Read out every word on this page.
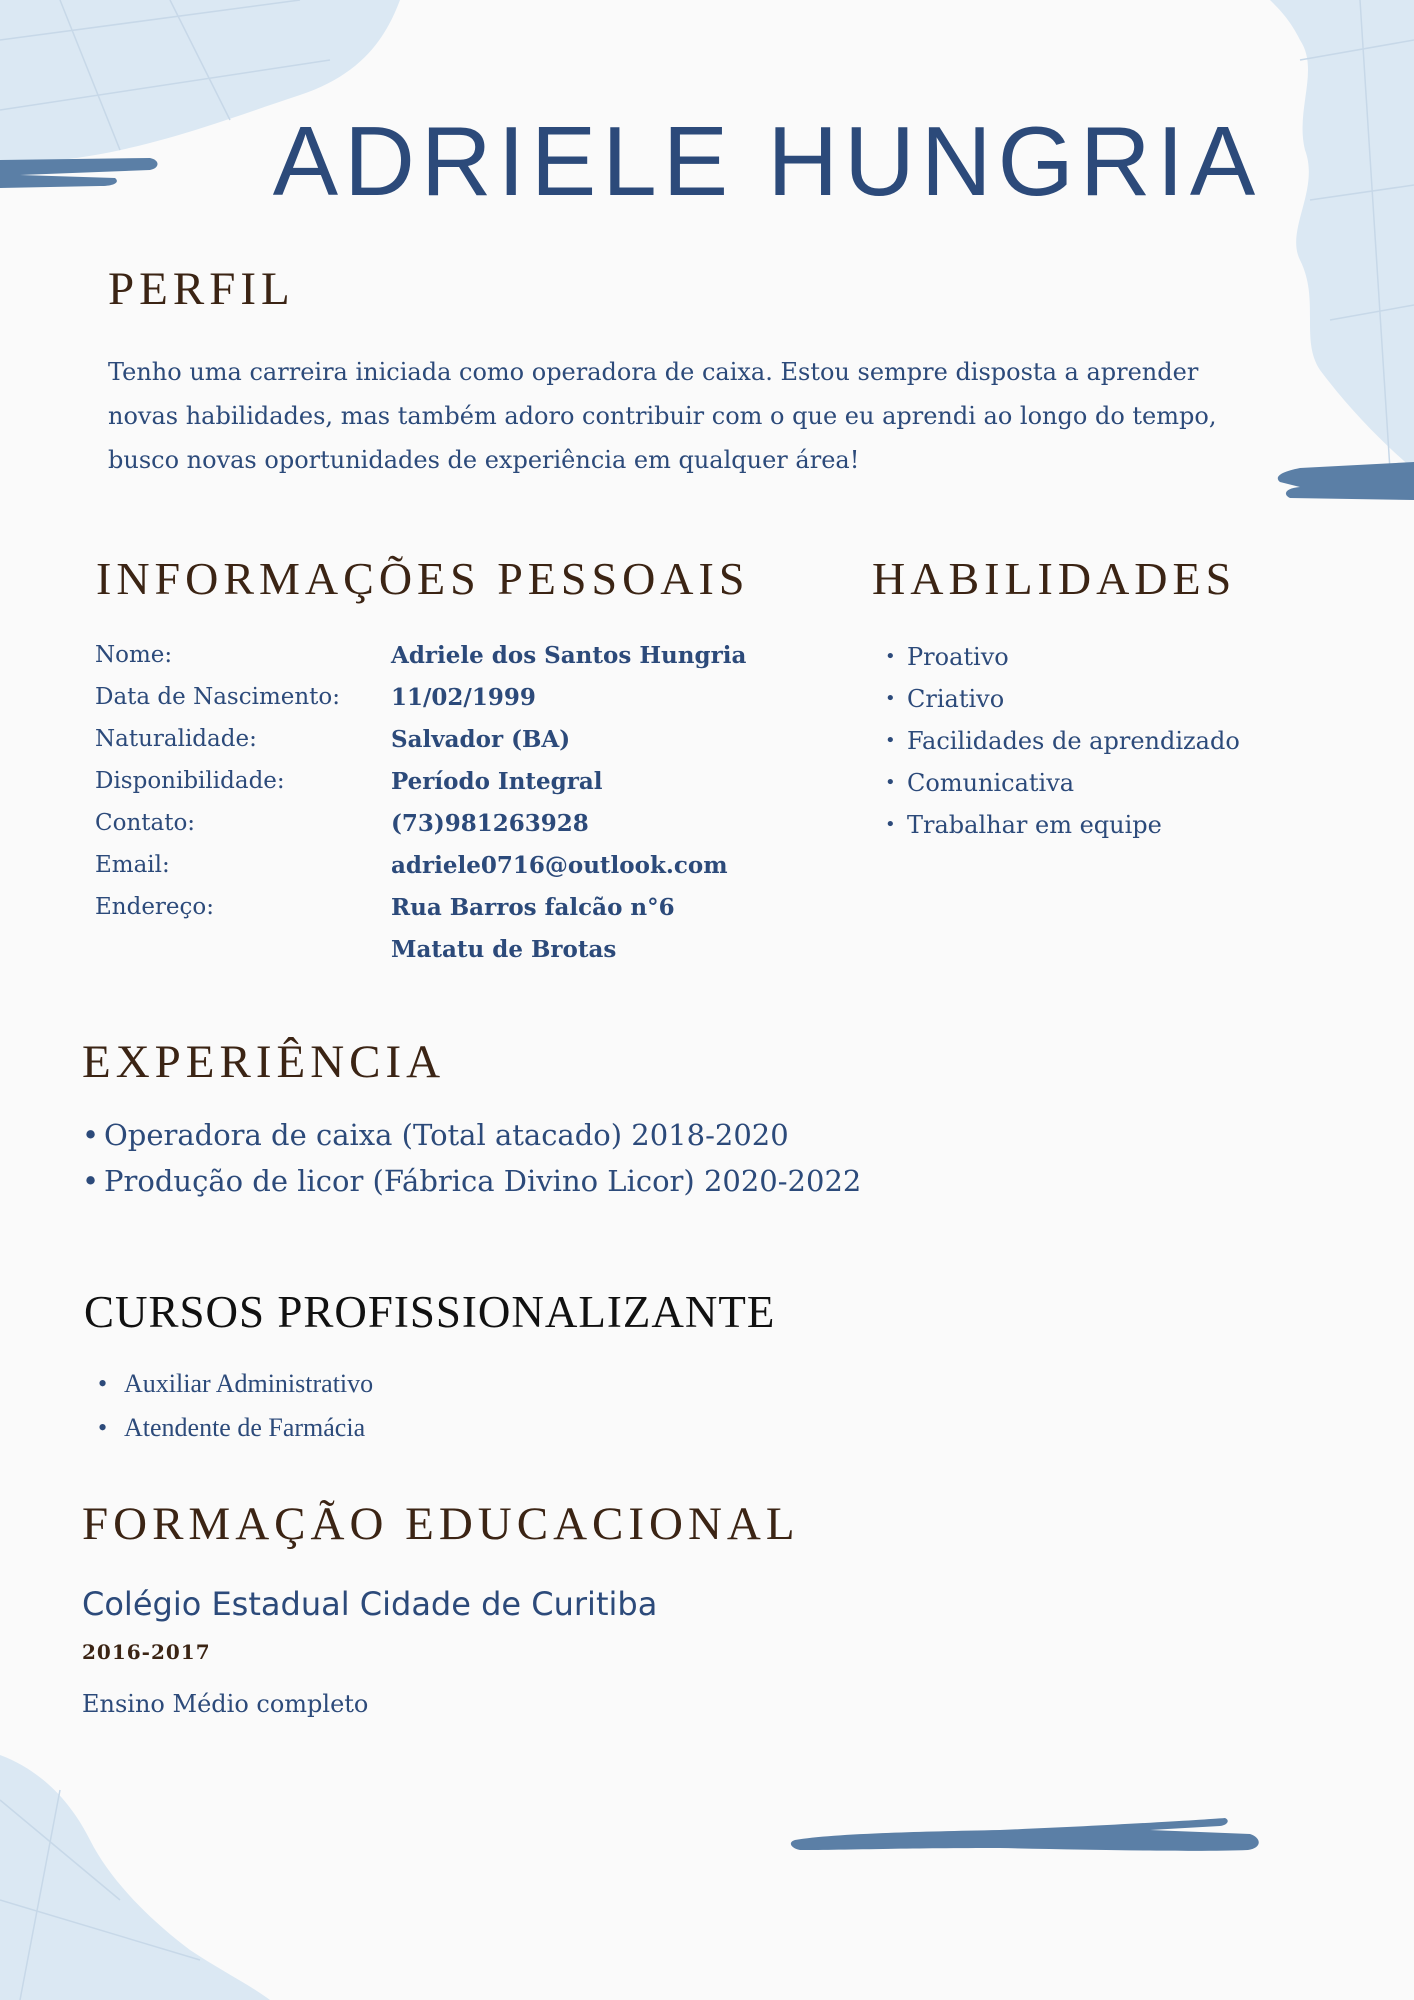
ADRIELE HUNGRIA
PERFIL
Tenho uma carreira iniciada como operadora de caixa. Estou sempre disposta a aprender
novas habilidades, mas também adoro contribuir com o que eu aprendi ao longo do tempo,
busco novas oportunidades de experiência em qualquer área!
INFORMAÇÕES PESSOAIS
Nome:	Adriele dos Santos Hungria
Data de Nascimento: 11/02/1999
Naturalidade:	Salvador (BA)
Disponibilidade:	Período Integral
Contato:	(73)981263928
Email:	adriele0716@outlook.com
Endereço:	Rua Barros falcão n°6
Matatu de Brotas
HABILIDADES
• Proativo
• Criativo
• Facilidades de aprendizado
• Comunicativa
• Trabalhar em equipe
EXPERIÊNCIA
• Operadora de caixa (Total atacado) 2018-2020
• Produção de licor (Fábrica Divino Licor) 2020-2022
CURSOS PROFISSIONALIZANTE
• Auxiliar Administrativo
• Atendente de Farmácia
FORMAÇÃO EDUCACIONAL
Colégio Estadual Cidade de Curitiba
2016-2017
Ensino Médio completo
